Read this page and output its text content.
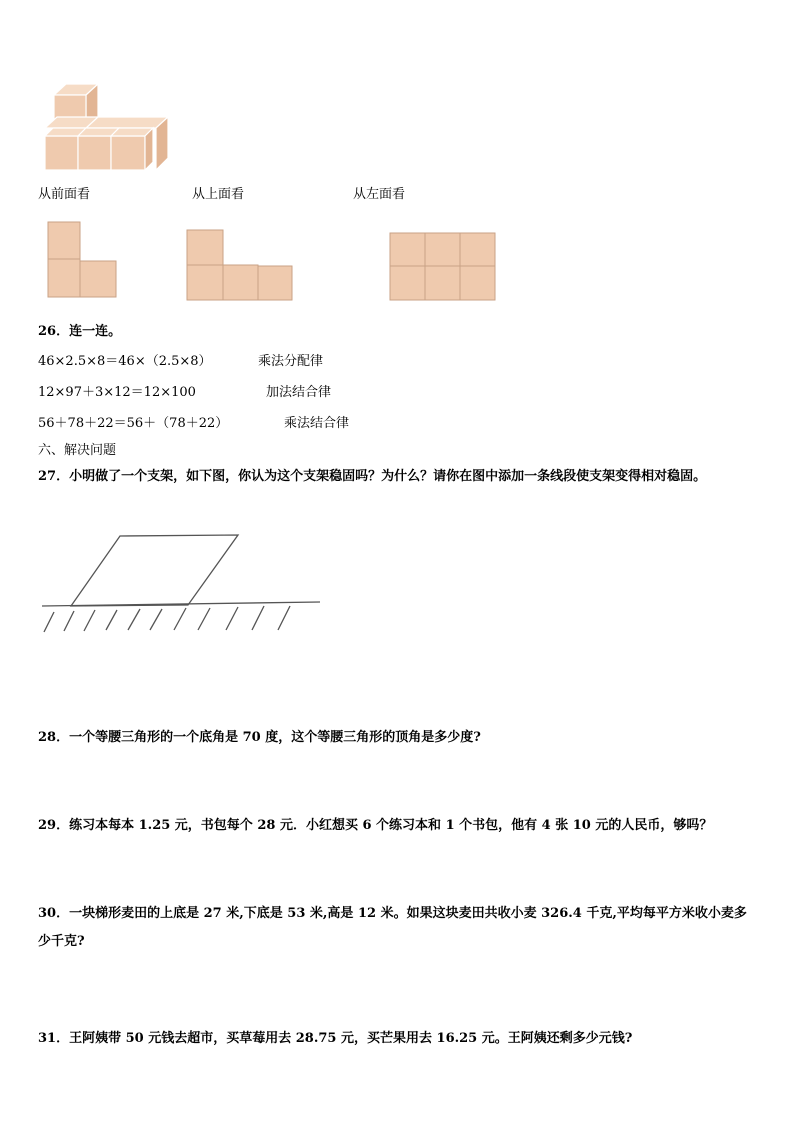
从前面看	从上面看	从左面看
26．连一连。
46×2.5×8＝46×（2.5×8）	乘法分配律
12×97＋3×12＝12×100	加法结合律
56＋78＋22＝56＋（78＋22）	乘法结合律
六、解决问题
27．小明做了一个支架，如下图，你认为这个支架稳固吗？为什么？请你在图中添加一条线段使支架变得相对稳固。
28．一个等腰三角形的一个底角是 70 度，这个等腰三角形的顶角是多少度?
29．练习本每本 1.25 元，书包每个 28 元．小红想买 6 个练习本和 1 个书包，他有 4 张 10 元的人民币，够吗？
30．一块梯形麦田的上底是 27 米,下底是 53 米,高是 12 米。如果这块麦田共收小麦 326.4 千克,平均每平方米收小麦多少千克?
31．王阿姨带 50 元钱去超市，买草莓用去 28.75 元，买芒果用去 16.25 元。王阿姨还剩多少元钱?
